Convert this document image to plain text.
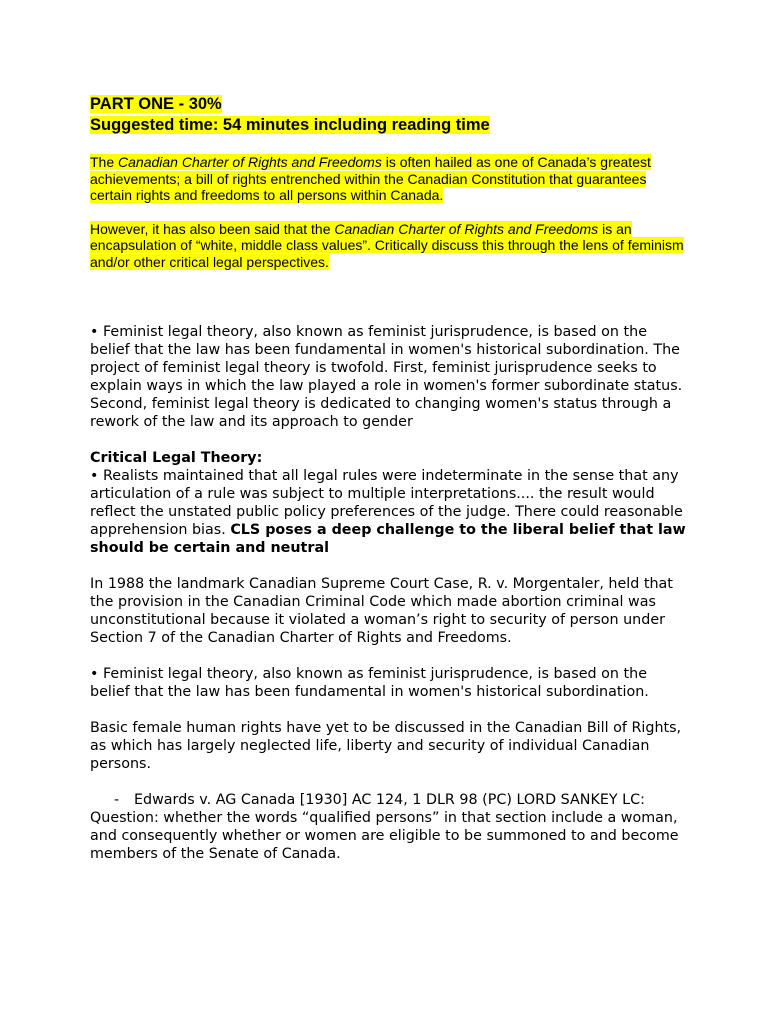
PART ONE - 30%
Suggested time: 54 minutes including reading time

The Canadian Charter of Rights and Freedoms is often hailed as one of Canada’s greatest achievements; a bill of rights entrenched within the Canadian Constitution that guarantees certain rights and freedoms to all persons within Canada.

However, it has also been said that the Canadian Charter of Rights and Freedoms is an encapsulation of “white, middle class values”. Critically discuss this through the lens of feminism and/or other critical legal perspectives.

• Feminist legal theory, also known as feminist jurisprudence, is based on the belief that the law has been fundamental in women's historical subordination. The project of feminist legal theory is twofold. First, feminist jurisprudence seeks to explain ways in which the law played a role in women's former subordinate status. Second, feminist legal theory is dedicated to changing women's status through a rework of the law and its approach to gender

Critical Legal Theory:

• Realists maintained that all legal rules were indeterminate in the sense that any articulation of a rule was subject to multiple interpretations.... the result would reflect the unstated public policy preferences of the judge. There could reasonable apprehension bias. CLS poses a deep challenge to the liberal belief that law should be certain and neutral

In 1988 the landmark Canadian Supreme Court Case, R. v. Morgentaler, held that the provision in the Canadian Criminal Code which made abortion criminal was unconstitutional because it violated a woman’s right to security of person under Section 7 of the Canadian Charter of Rights and Freedoms.

• Feminist legal theory, also known as feminist jurisprudence, is based on the belief that the law has been fundamental in women's historical subordination.

Basic female human rights have yet to be discussed in the Canadian Bill of Rights, as which has largely neglected life, liberty and security of individual Canadian persons.

- Edwards v. AG Canada [1930] AC 124, 1 DLR 98 (PC) LORD SANKEY LC:

Question: whether the words “qualified persons” in that section include a woman, and consequently whether or women are eligible to be summoned to and become members of the Senate of Canada.
